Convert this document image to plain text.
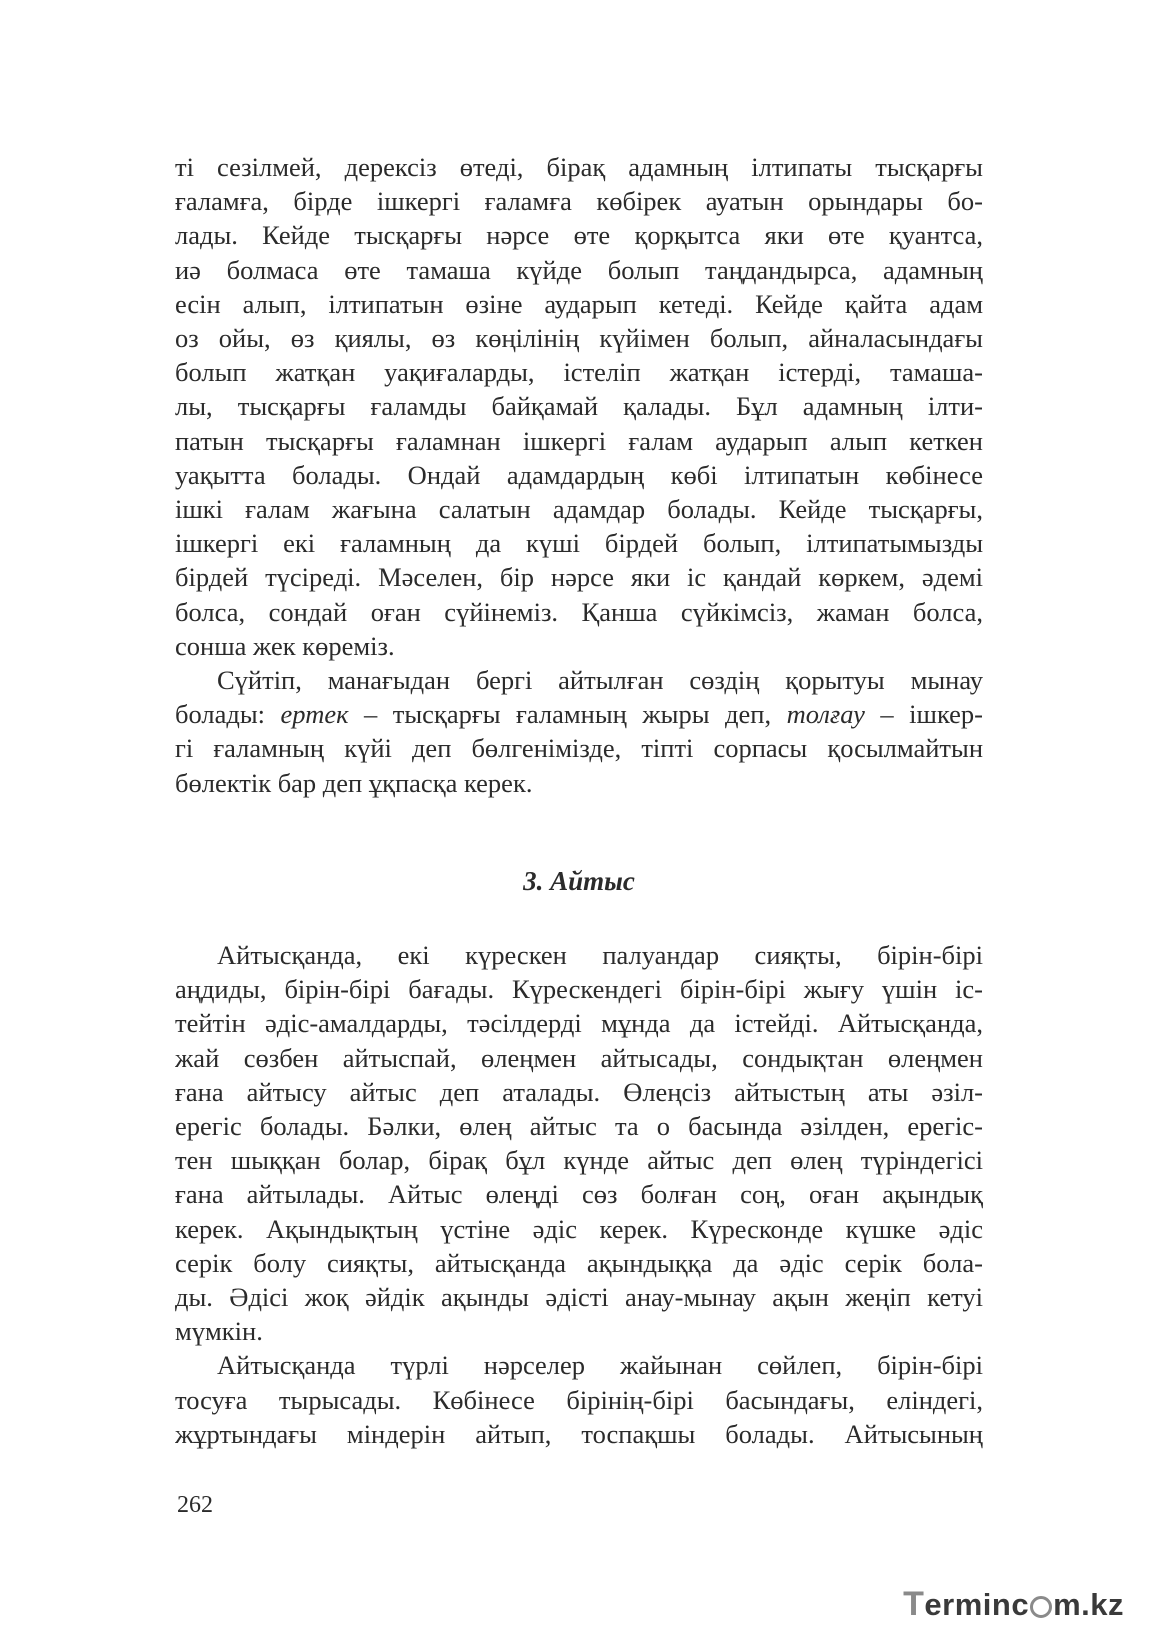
ті сезілмей, дерексіз өтеді, бірақ адамның ілтипаты тысқарғы
ғаламға, бірде ішкергі ғаламға көбірек ауатын орындары бо-
лады. Кейде тысқарғы нәрсе өте қорқытса яки өте қуантса,
иә болмаса өте тамаша күйде болып таңдандырса, адамның
есін алып, ілтипатын өзіне аударып кетеді. Кейде қайта адам
оз ойы, өз қиялы, өз көңілінің күйімен болып, айналасындағы
болып жатқан уақиғаларды, істеліп жатқан істерді, тамаша-
лы, тысқарғы ғаламды байқамай қалады. Бұл адамның ілти-
патын тысқарғы ғаламнан ішкергі ғалам аударып алып кеткен
уақытта болады. Ондай адамдардың көбі ілтипатын көбінесе
ішкі ғалам жағына салатын адамдар болады. Кейде тысқарғы,
ішкергі екі ғаламның да күші бірдей болып, ілтипатымызды
бірдей түсіреді. Мәселен, бір нәрсе яки іс қандай көркем, әдемі
болса, сондай оған сүйінеміз. Қанша сүйкімсіз, жаман болса,
сонша жек көреміз.

Сүйтіп, манағыдан бергі айтылған сөздің қорытуы мынау
болады: ертек – тысқарғы ғаламның жыры деп, толғау – ішкер-
гі ғаламның күйі деп бөлгенімізде, тіпті сорпасы қосылмайтын
бөлектік бар деп ұқпасқа керек.

3. Айтыс

Айтысқанда, екі күрескен палуандар сияқты, бірін-бірі
аңдиды, бірін-бірі бағады. Күрескендегі бірін-бірі жығу үшін іс-
тейтін әдіс-амалдарды, тәсілдерді мұнда да істейді. Айтысқанда,
жай сөзбен айтыспай, өлеңмен айтысады, сондықтан өлеңмен
ғана айтысу айтыс деп аталады. Өлеңсіз айтыстың аты әзіл-
ерегіс болады. Бәлки, өлең айтыс та о басында әзілден, ерегіс-
тен шыққан болар, бірақ бұл күнде айтыс деп өлең түріндегісі
ғана айтылады. Айтыс өлеңді сөз болған соң, оған ақындық
керек. Ақындықтың үстіне әдіс керек. Күресконде күшке әдіс
серік болу сияқты, айтысқанда ақындыққа да әдіс серік бола-
ды. Әдісі жоқ әйдік ақынды әдісті анау-мынау ақын жеңіп кетуі
мүмкін.

Айтысқанда түрлі нәрселер жайынан сөйлеп, бірін-бірі
тосуға тырысады. Көбінесе бірінің-бірі басындағы, еліндегі,
жұртындағы міндерін айтып, тоспақшы болады. Айтысының

262
T erminc m.kz
